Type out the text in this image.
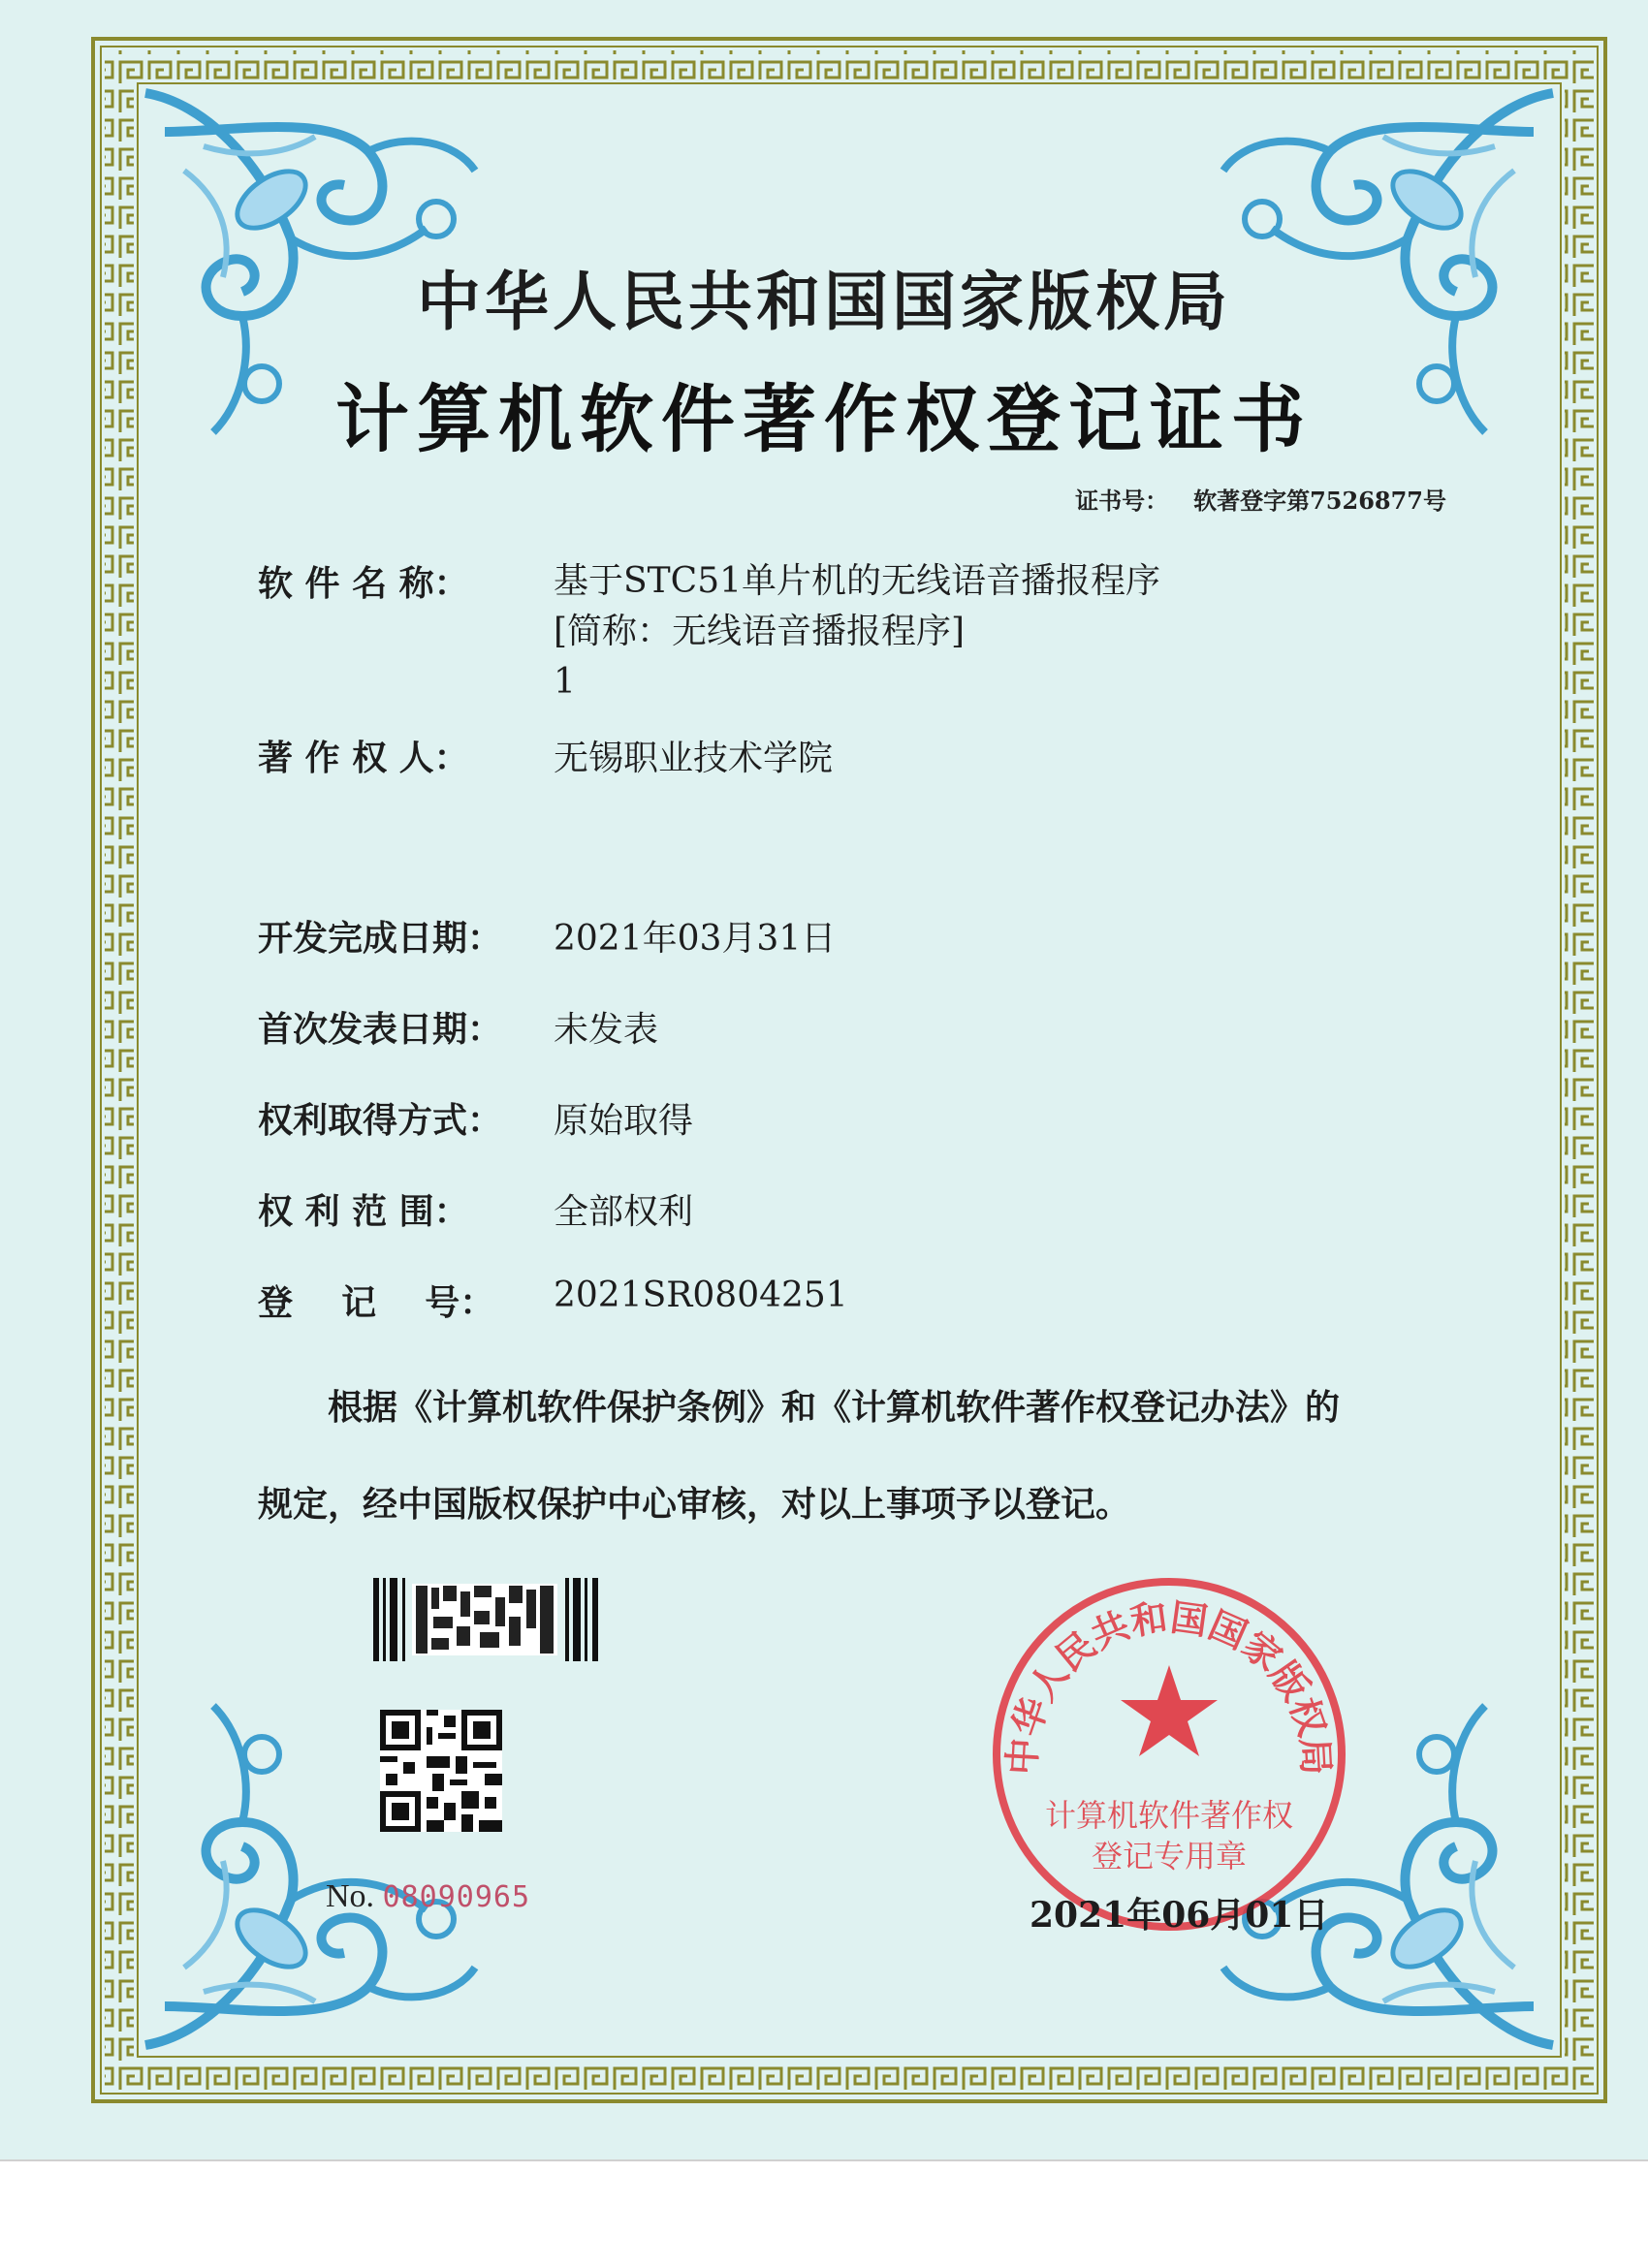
中华人民共和国国家版权局
计算机软件著作权登记证书
证书号： 软著登字第7526877号
软 件 名 称： 基于STC51单片机的无线语音播报程序
[简称：无线语音播报程序]
1
著 作 权 人： 无锡职业技术学院
开发完成日期： 2021年03月31日
首次发表日期： 未发表
权利取得方式： 原始取得
权 利 范 围： 全部权利
登    记    号： 2021SR0804251
根据《计算机软件保护条例》和《计算机软件著作权登记办法》的
规定，经中国版权保护中心审核，对以上事项予以登记。
No. 08090965
中华人民共和国国家版权局
计算机软件著作权
登记专用章
2021年06月01日
